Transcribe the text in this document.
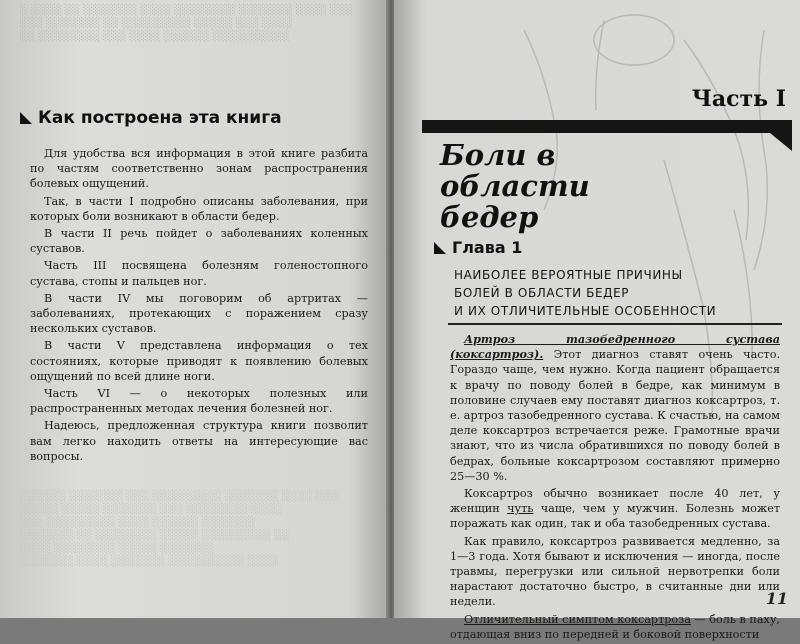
░ ░░░░ ░░ ░░░░░░░ ░░░░ ░░░░░░░░ ░░░░░░░ ░░░░ ░░░
░░░ ░░░░░░░ ░░ ░░░░░░░░░ ░░░░░ ░░░ ░░░░
░░ ░░░░░░░░ ░░░ ░░░░ ░░░░░░ ░░░░░░░░░░
Как построена эта книга

Для удобства вся информация в этой книге разбита по частям соответственно зонам распространения болевых ощущений.

Так, в части I подробно описаны заболевания, при которых боли возникают в области бедер.

В части II речь пойдет о заболеваниях коленных суставов.

Часть III посвящена болезням голеностопного сустава, стопы и пальцев ног.

В части IV мы поговорим об артритах — заболеваниях, протекающих с поражением сразу нескольких суставов.

В части V представлена информация о тех состояниях, которые приводят к появлению болевых ощущений по всей длине ноги.

Часть VI — о некоторых полезных или распространенных методах лечения болезней ног.

Надеюсь, предложенная структура книги позволит вам легко находить ответы на интересующие вас вопросы.

░░░░░░ ░░░░░░░ ░░░ ░░░░░░░░░ ░░░░░░░ ░░░░ ░░░
░░░░░ ░░░░░ ░░░░░░░ ░░░ ░░░░░░░░ ░░░░
░░░ ░░░░░░░░░ ░░░░ ░░░░░░ ░░░░░░░
░░░░░░░ ░░ ░░░░░░░░ ░░░░░ ░░░░░░░░░ ░░
░░░░ ░░░░░░░░ ░░░░░ ░░░░░░░
░░░░░░░ ░░░░ ░░░░░░░ ░░░░░░░░░░ ░░░░
Часть I
Боли в области бедер
Глава 1
НАИБОЛЕЕ ВЕРОЯТНЫЕ ПРИЧИНЫ
БОЛЕЙ В ОБЛАСТИ БЕДЕР
И ИХ ОТЛИЧИТЕЛЬНЫЕ ОСОБЕННОСТИ

Артроз тазобедренного сустава (коксартроз). Этот диагноз ставят очень часто. Гораздо чаще, чем нужно. Когда пациент обращается к врачу по поводу болей в бедре, как минимум в половине случаев ему поставят диагноз коксартроз, т. е. артроз тазобедренного сустава. К счастью, на самом деле коксартроз встречается реже. Грамотные врачи знают, что из числа обратившихся по поводу болей в бедрах, больные коксартрозом составляют примерно 25—30 %.

Коксартроз обычно возникает после 40 лет, у женщин чуть чаще, чем у мужчин. Болезнь может поражать как один, так и оба тазобедренных сустава.

Как правило, коксартроз развивается медленно, за 1—3 года. Хотя бывают и исключения — иногда, после травмы, перегрузки или сильной нервотрепки боли нарастают достаточно быстро, в считанные дни или недели.

Отличительный симптом коксартроза — боль в паху, отдающая вниз по передней и боковой поверхности

11
